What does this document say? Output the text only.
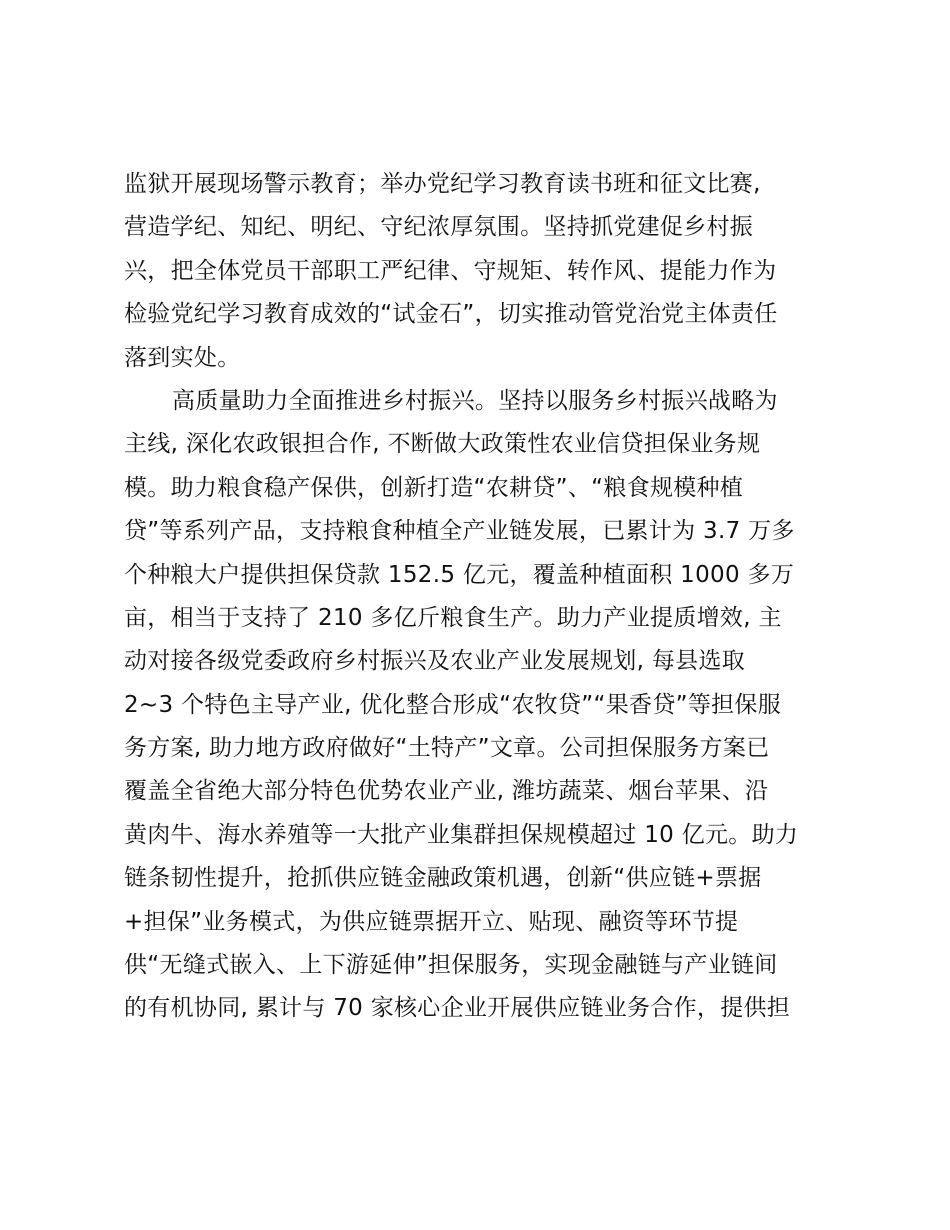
监狱开展现场警示教育；举办党纪学习教育读书班和征文比赛,
营造学纪、知纪、明纪、守纪浓厚氛围。坚持抓党建促乡村振
兴，把全体党员干部职工严纪律、守规矩、转作风、提能力作为
检验党纪学习教育成效的“试金石”，切实推动管党治党主体责任
落到实处。
高质量助力全面推进乡村振兴。坚持以服务乡村振兴战略为
主线, 深化农政银担合作, 不断做大政策性农业信贷担保业务规
模。助力粮食稳产保供，创新打造“农耕贷”、“粮食规模种植
贷”等系列产品，支持粮食种植全产业链发展，已累计为 3.7 万多
个种粮大户提供担保贷款 152.5 亿元，覆盖种植面积 1000 多万
亩，相当于支持了 210 多亿斤粮食生产。助力产业提质增效, 主
动对接各级党委政府乡村振兴及农业产业发展规划, 每县选取
2~3 个特色主导产业, 优化整合形成“农牧贷”“果香贷”等担保服
务方案, 助力地方政府做好“土特产”文章。公司担保服务方案已
覆盖全省绝大部分特色优势农业产业, 潍坊蔬菜、烟台苹果、沿
黄肉牛、海水养殖等一大批产业集群担保规模超过 10 亿元。助力
链条韧性提升，抢抓供应链金融政策机遇，创新“供应链+票据
+担保”业务模式，为供应链票据开立、贴现、融资等环节提
供“无缝式嵌入、上下游延伸”担保服务，实现金融链与产业链间
的有机协同, 累计与 70 家核心企业开展供应链业务合作，提供担
